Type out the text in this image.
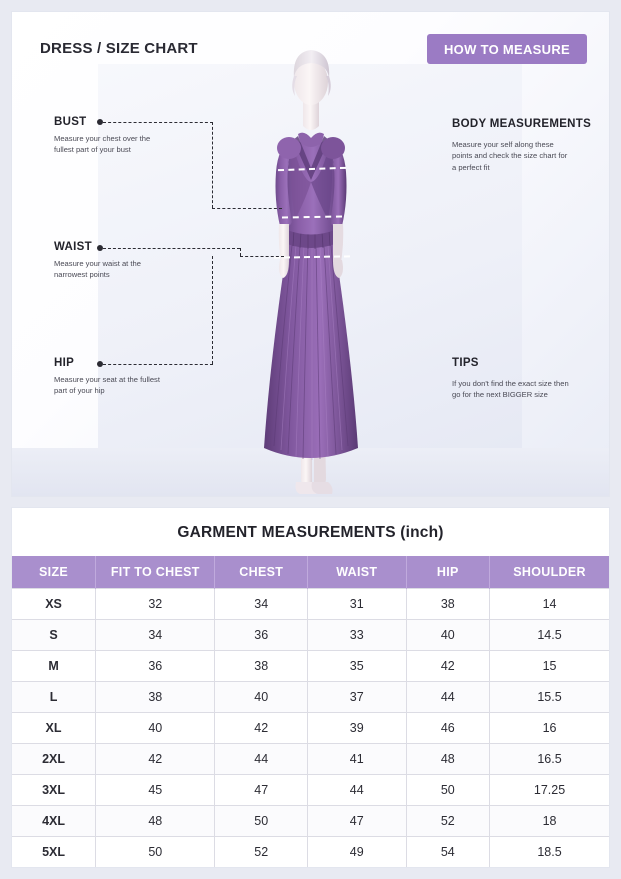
DRESS / SIZE CHART	HOW TO MEASURE
BUST
Measure your chest over the fullest part of your bust
WAIST
Measure your waist at the narrowest points
HIP
Measure your seat at the fullest part of your hip
BODY MEASUREMENTS
Measure your self along these points and check the size chart for a perfect fit
TIPS
If you don't find the exact size then go for the next BIGGER size
GARMENT MEASUREMENTS (inch)
SIZE	FIT TO CHEST	CHEST	WAIST	HIP	SHOULDER
XS	32	34	31	38	14
S	34	36	33	40	14.5
M	36	38	35	42	15
L	38	40	37	44	15.5
XL	40	42	39	46	16
2XL	42	44	41	48	16.5
3XL	45	47	44	50	17.25
4XL	48	50	47	52	18
5XL	50	52	49	54	18.5
